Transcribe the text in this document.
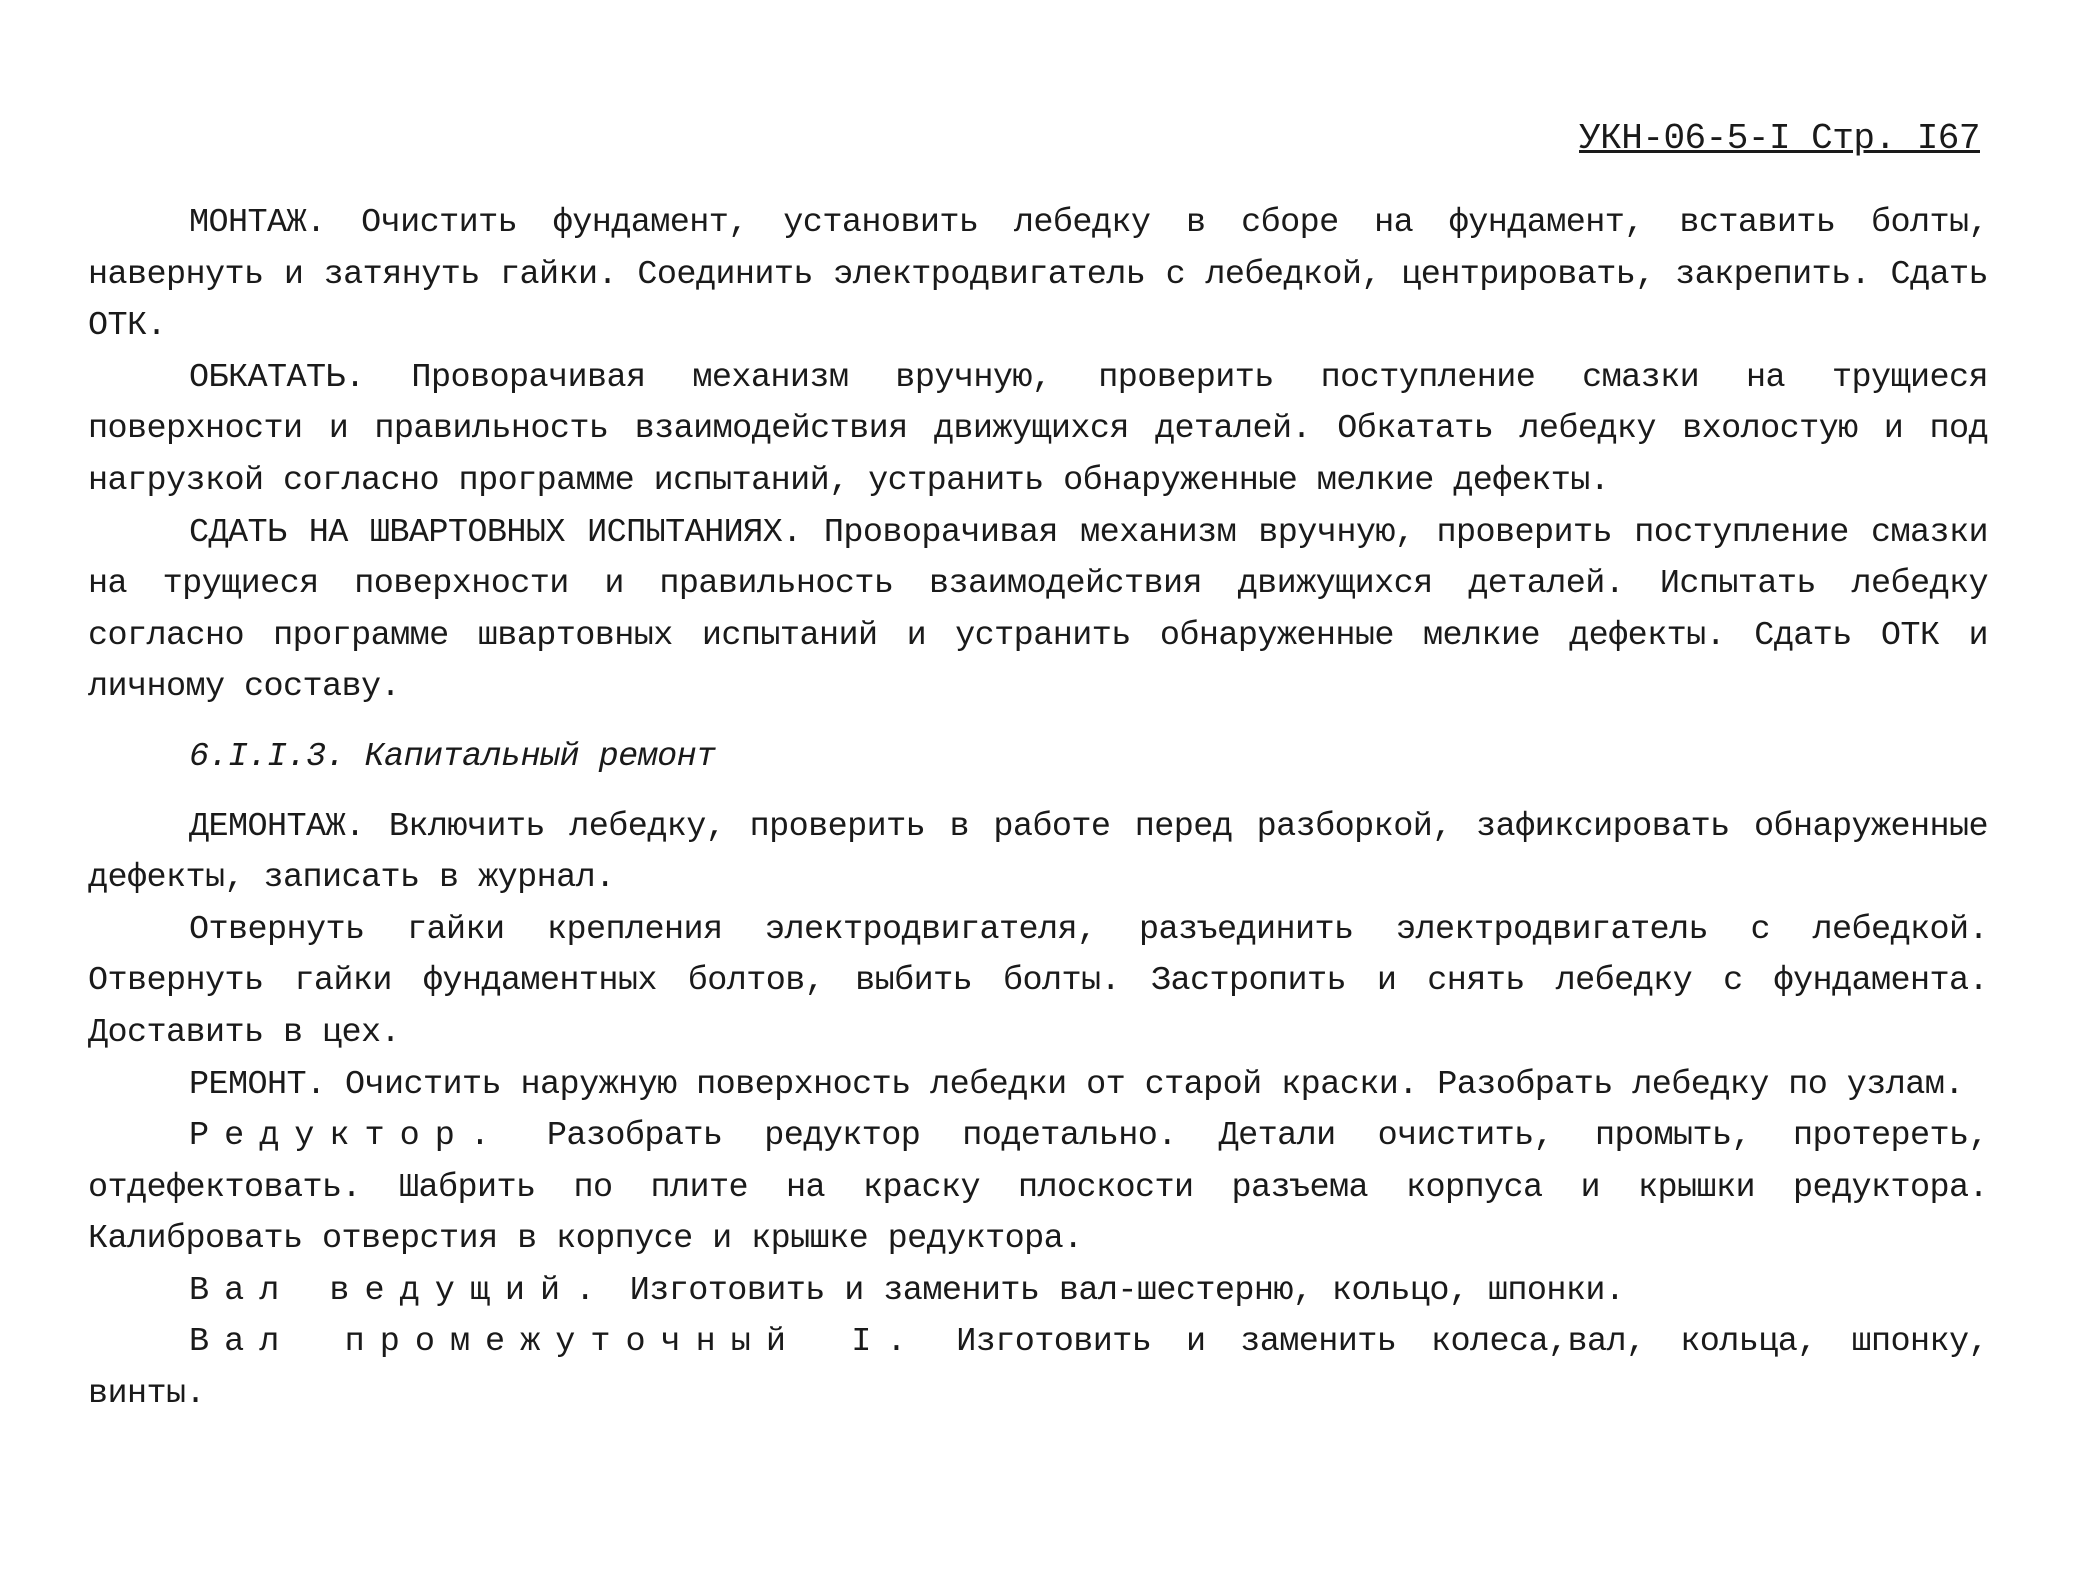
УКН-06-5-I Стр. I67

МОНТАЖ. Очистить фундамент, установить лебедку в сборе на фундамент, вставить болты, навернуть и затянуть гайки. Соединить электродвигатель с лебедкой, центрировать, закрепить. Сдать ОТК.

ОБКАТАТЬ. Проворачивая механизм вручную, проверить поступление смазки на трущиеся поверхности и правильность взаимодействия движущихся деталей. Обкатать лебедку вхолостую и под нагрузкой согласно программе испытаний, устранить обнаруженные мелкие дефекты.

СДАТЬ НА ШВАРТОВНЫХ ИСПЫТАНИЯХ. Проворачивая механизм вручную, проверить поступление смазки на трущиеся поверхности и правильность взаимодействия движущихся деталей. Испытать лебедку согласно программе швартовных испытаний и устранить обнаруженные мелкие дефекты. Сдать ОТК и личному составу.

6.I.I.3. Капитальный ремонт

ДЕМОНТАЖ. Включить лебедку, проверить в работе перед разборкой, зафиксировать обнаруженные дефекты, записать в журнал.

Отвернуть гайки крепления электродвигателя, разъединить электродвигатель с лебедкой. Отвернуть гайки фундаментных болтов, выбить болты. Застропить и снять лебедку с фундамента. Доставить в цех.

РЕМОНТ. Очистить наружную поверхность лебедки от старой краски. Разобрать лебедку по узлам.

Редуктор. Разобрать редуктор подетально. Детали очистить, промыть, протереть, отдефектовать. Шабрить по плите на краску плоскости разъема корпуса и крышки редуктора. Калибровать отверстия в корпусе и крышке редуктора.

Вал ведущий. Изготовить и заменить вал-шестерню, кольцо, шпонки.

Вал промежуточный I. Изготовить и заменить колеса,вал, кольца, шпонку, винты.
